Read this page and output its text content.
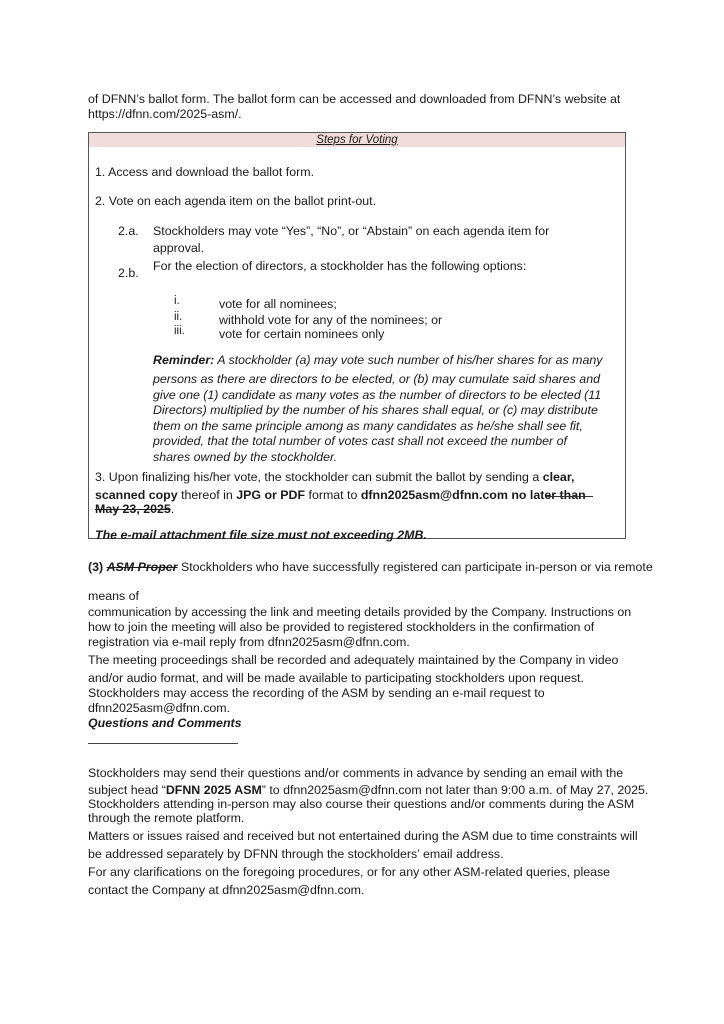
of DFNN’s ballot form. The ballot form can be accessed and downloaded from DFNN’s website at

https://dfnn.com/2025-asm/.

Steps for Voting

1. Access and download the ballot form.

2. Vote on each agenda item on the ballot print-out.

2.a. Stockholders may vote “Yes”, “No”, or “Abstain” on each agenda item for

approval.

For the election of directors, a stockholder has the following options:

2.b.

i.	vote for all nominees;
ii.	withhold vote for any of the nominees; or
iii.	vote for certain nominees only

Reminder: A stockholder (a) may vote such number of his/her shares for as many

persons as there are directors to be elected, or (b) may cumulate said shares and give one (1) candidate as many votes as the number of directors to be elected (11 Directors) multiplied by the number of his shares shall equal, or (c) may distribute them on the same principle among as many candidates as he/she shall see fit, provided, that the total number of votes cast shall not exceed the number of shares owned by the stockholder.

3. Upon finalizing his/her vote, the stockholder can submit the ballot by sending a clear,

scanned copy thereof in JPG or PDF format to dfnn2025asm@dfnn.com no later than

May 23, 2025.

The e-mail attachment file size must not exceeding 2MB.

(3) ASM Proper Stockholders who have successfully registered can participate in-person or via remote

means of

communication by accessing the link and meeting details provided by the Company. Instructions on how to join the meeting will also be provided to registered stockholders in the confirmation of registration via e-mail reply from dfnn2025asm@dfnn.com.

The meeting proceedings shall be recorded and adequately maintained by the Company in video

and/or audio format, and will be made available to participating stockholders upon request. Stockholders may access the recording of the ASM by sending an e-mail request to dfnn2025asm@dfnn.com.

Questions and Comments

Stockholders may send their questions and/or comments in advance by sending an email with the

subject head “DFNN 2025 ASM” to dfnn2025asm@dfnn.com not later than 9:00 a.m. of May 27, 2025.

Stockholders attending in-person may also course their questions and/or comments during the ASM

through the remote platform.

Matters or issues raised and received but not entertained during the ASM due to time constraints will

be addressed separately by DFNN through the stockholders’ email address.

For any clarifications on the foregoing procedures, or for any other ASM-related queries, please

contact the Company at dfnn2025asm@dfnn.com.
